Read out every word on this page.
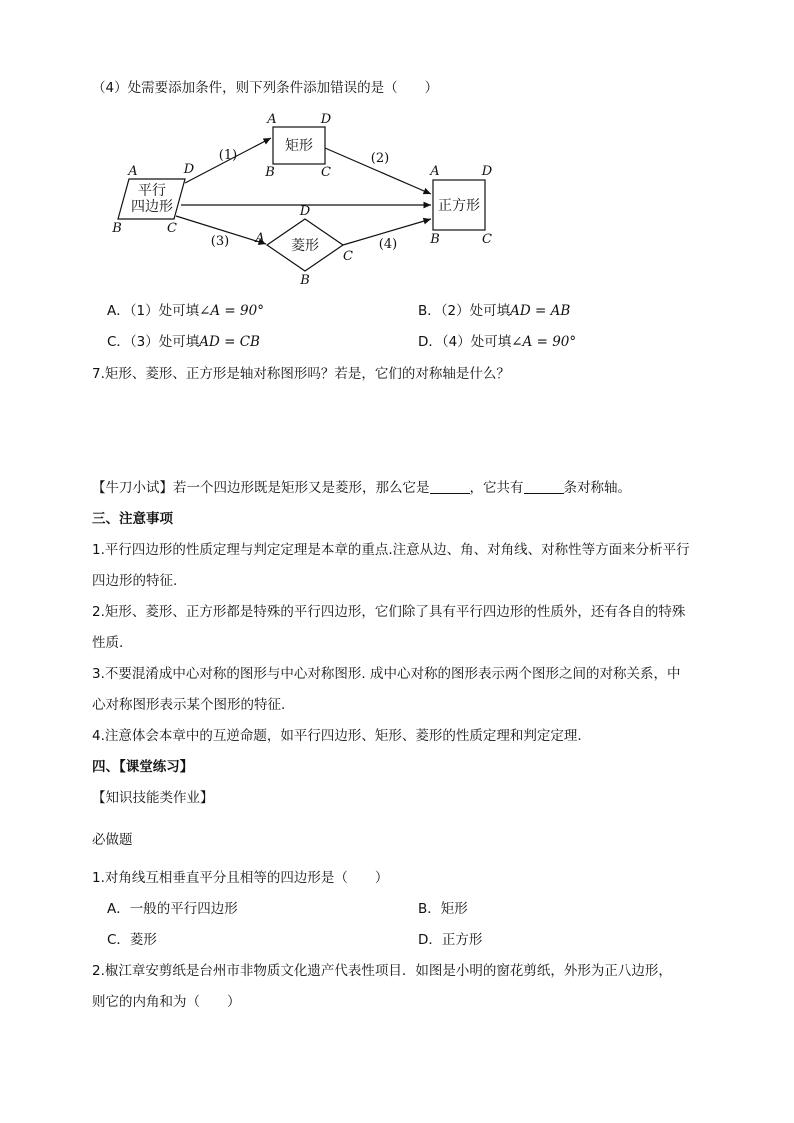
（4）处需要添加条件，则下列条件添加错误的是（　　）
平行
四边形
矩形
菱形
正方形
(1)	(2)
(3)	(4)
A	D
B	C
A	D
B	C	A	D
B	C
A
D
C
B
A．（1）处可填∠A = 90°	B．（2）处可填AD = AB
C．（3）处可填AD = CB	D．（4）处可填∠A = 90°
7.矩形、菱形、正方形是轴对称图形吗？若是，它们的对称轴是什么？
【牛刀小试】若一个四边形既是矩形又是菱形，那么它是	，它共有	条对称轴。
三、注意事项
1.平行四边形的性质定理与判定定理是本章的重点.注意从边、角、对角线、对称性等方面来分析平行
四边形的特征.
2.矩形、菱形、正方形都是特殊的平行四边形，它们除了具有平行四边形的性质外，还有各自的特殊
性质.
3.不要混淆成中心对称的图形与中心对称图形. 成中心对称的图形表示两个图形之间的对称关系，中
心对称图形表示某个图形的特征.
4.注意体会本章中的互逆命题，如平行四边形、矩形、菱形的性质定理和判定定理.
四、【课堂练习】
【知识技能类作业】
必做题
1.对角线互相垂直平分且相等的四边形是（　　）
A．一般的平行四边形	B．矩形
C．菱形	D．正方形
2.椒江章安剪纸是台州市非物质文化遗产代表性项目．如图是小明的窗花剪纸，外形为正八边形，
则它的内角和为（　　）
